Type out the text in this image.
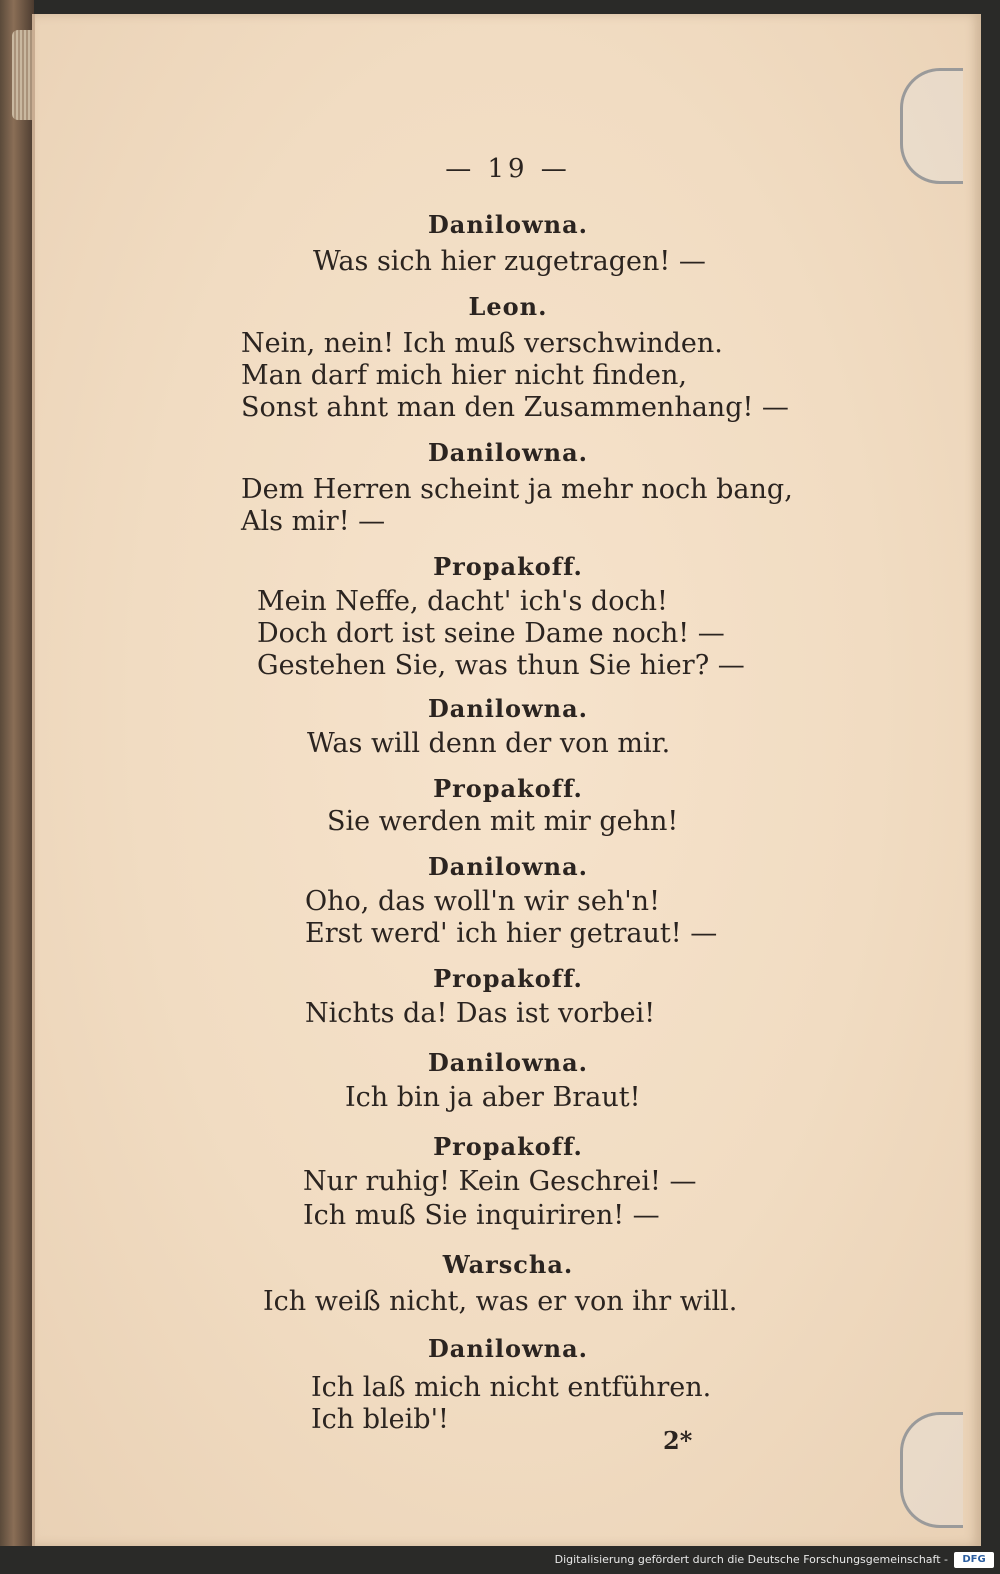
— 19 —
Danilowna.
Was sich hier zugetragen! —
Leon.
Nein, nein! Ich muß verschwinden.
Man darf mich hier nicht finden,
Sonst ahnt man den Zusammenhang! —
Danilowna.
Dem Herren scheint ja mehr noch bang,
Als mir! —
Propakoff.
Mein Neffe, dacht' ich's doch!
Doch dort ist seine Dame noch! —
Gestehen Sie, was thun Sie hier? —
Danilowna.
Was will denn der von mir.
Propakoff.
Sie werden mit mir gehn!
Danilowna.
Oho, das woll'n wir seh'n!
Erst werd' ich hier getraut! —
Propakoff.
Nichts da! Das ist vorbei!
Danilowna.
Ich bin ja aber Braut!
Propakoff.
Nur ruhig! Kein Geschrei! —
Ich muß Sie inquiriren! —
Warscha.
Ich weiß nicht, was er von ihr will.
Danilowna.
Ich laß mich nicht entführen.
Ich bleib'!
2*
Digitalisierung gefördert durch die Deutsche Forschungsgemeinschaft -	DFG
